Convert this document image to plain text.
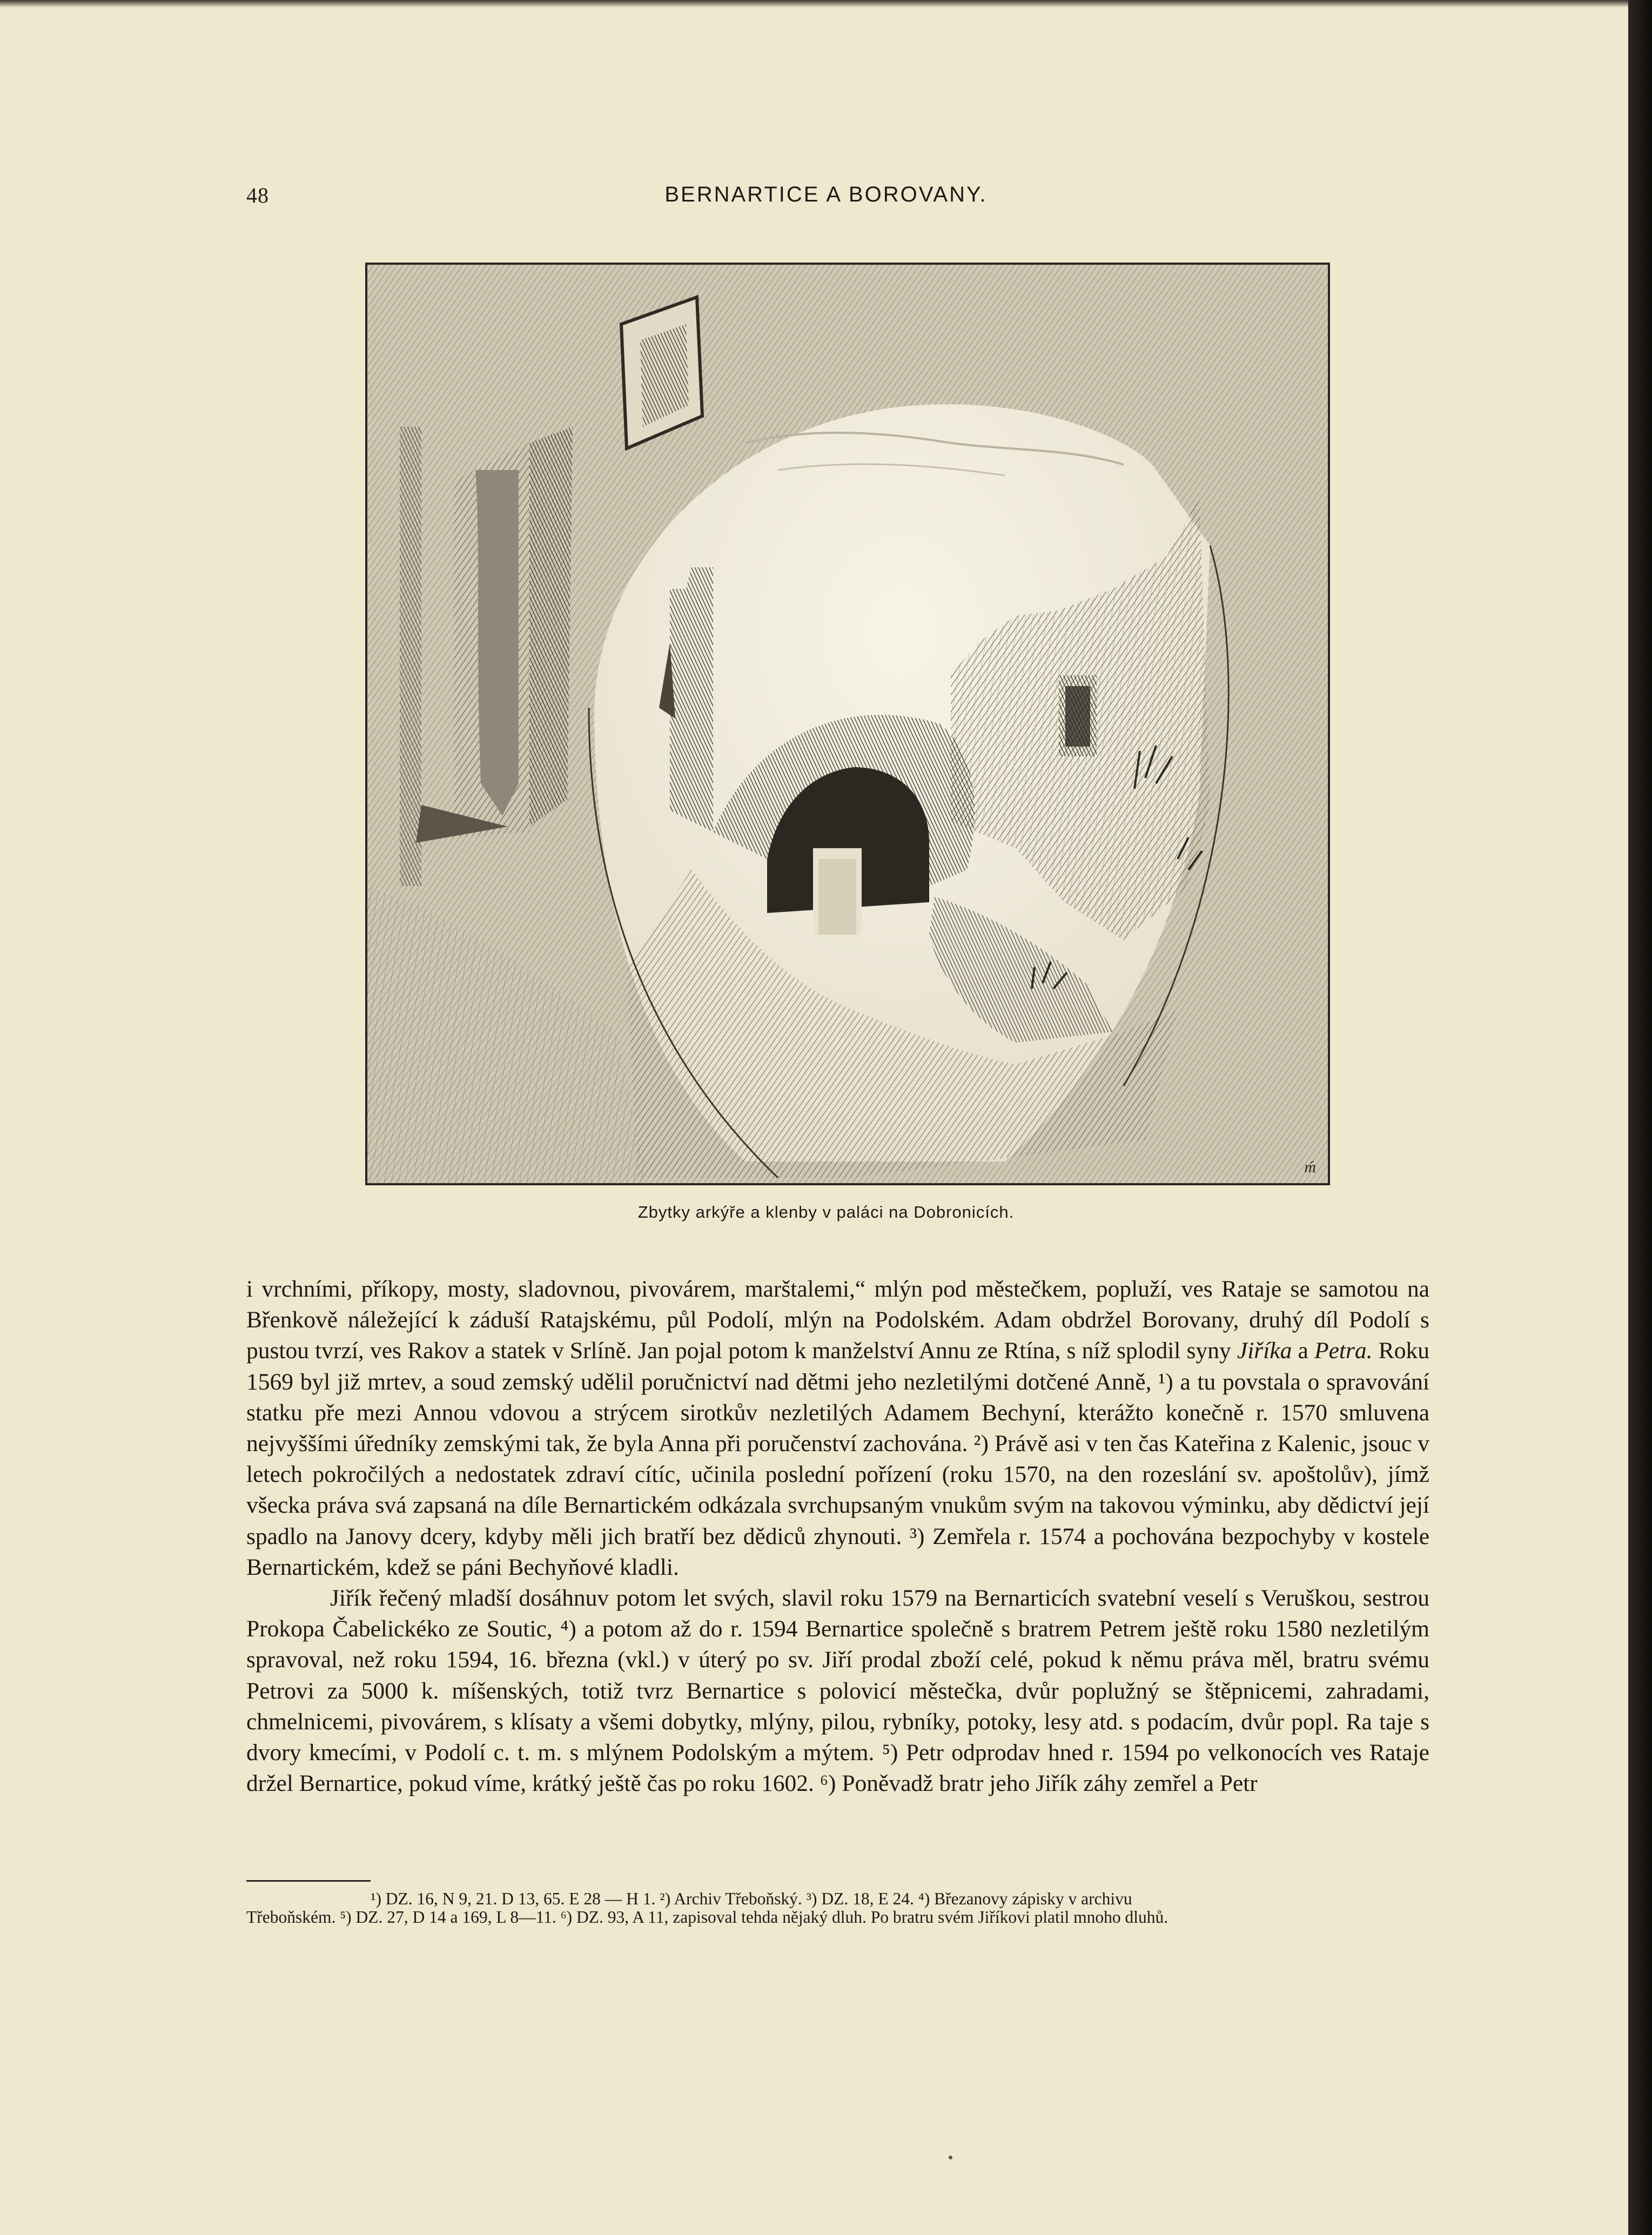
48	BERNARTICE A BOROVANY.
ḿ
Zbytky arkýře a klenby v paláci na Dobronicích.

i vrchními, příkopy, mosty, sladovnou, pivovárem, marštalemi,“ mlýn pod městečkem, popluží, ves Rataje se samotou na Břenkově náležející k záduší Ratajskému, půl Podolí, mlýn na Podolském. Adam obdržel Borovany, druhý díl Podolí s pustou tvrzí, ves Rakov a statek v Srlíně. Jan pojal potom k manželství Annu ze Rtína, s níž splodil syny Jiříka a Petra. Roku 1569 byl již mrtev, a soud zemský udělil poručnictví nad dětmi jeho nezletilými dotčené Anně, ¹) a tu povstala o spravování statku pře mezi Annou vdovou a strýcem sirotkův nezletilých Adamem Bechyní, kterážto konečně r. 1570 smluvena nejvyššími úředníky zemskými tak, že byla Anna při poručenství zachována. ²) Právě asi v ten čas Kateřina z Kalenic, jsouc v letech pokročilých a nedostatek zdraví cítíc, učinila poslední pořízení (roku 1570, na den rozeslání sv. apoštolův), jímž všecka práva svá zapsaná na díle Bernartickém odkázala svrchupsaným vnukům svým na takovou výminku, aby dědictví její spadlo na Janovy dcery, kdyby měli jich bratří bez dědiců zhynouti. ³) Zemřela r. 1574 a pochována bezpochyby v kostele Bernartickém, kdež se páni Bechyňové kladli.

Jiřík řečený mladší dosáhnuv potom let svých, slavil roku 1579 na Bernarticích svatební veselí s Veruškou, sestrou Prokopa Čabelickéko ze Soutic, ⁴) a potom až do r. 1594 Bernartice společně s bratrem Petrem ještě roku 1580 nezletilým spravoval, než roku 1594, 16. března (vkl.) v úterý po sv. Jiří prodal zboží celé, pokud k němu práva měl, bratru svému Petrovi za 5000 k. míšenských, totiž tvrz Bernartice s polovicí městečka, dvůr poplužný se štěpnicemi, zahradami, chmelnicemi, pivovárem, s klísaty a všemi dobytky, mlýny, pilou, rybníky, potoky, lesy atd. s podacím, dvůr popl. Ra taje s dvory kmecími, v Podolí c. t. m. s mlýnem Podolským a mýtem. ⁵) Petr odprodav hned r. 1594 po velkonocích ves Rataje držel Bernartice, pokud víme, krátký ještě čas po roku 1602. ⁶) Poněvadž bratr jeho Jiřík záhy zemřel a Petr

¹) DZ. 16, N 9, 21. D 13, 65. E 28 — H 1. ²) Archiv Třeboňský. ³) DZ. 18, E 24. ⁴) Březanovy zápisky v archivu

Třeboňském. ⁵) DZ. 27, D 14 a 169, L 8—11. ⁶) DZ. 93, A 11, zapisoval tehda nějaký dluh. Po bratru svém Jiříkovi platil mnoho dluhů.
